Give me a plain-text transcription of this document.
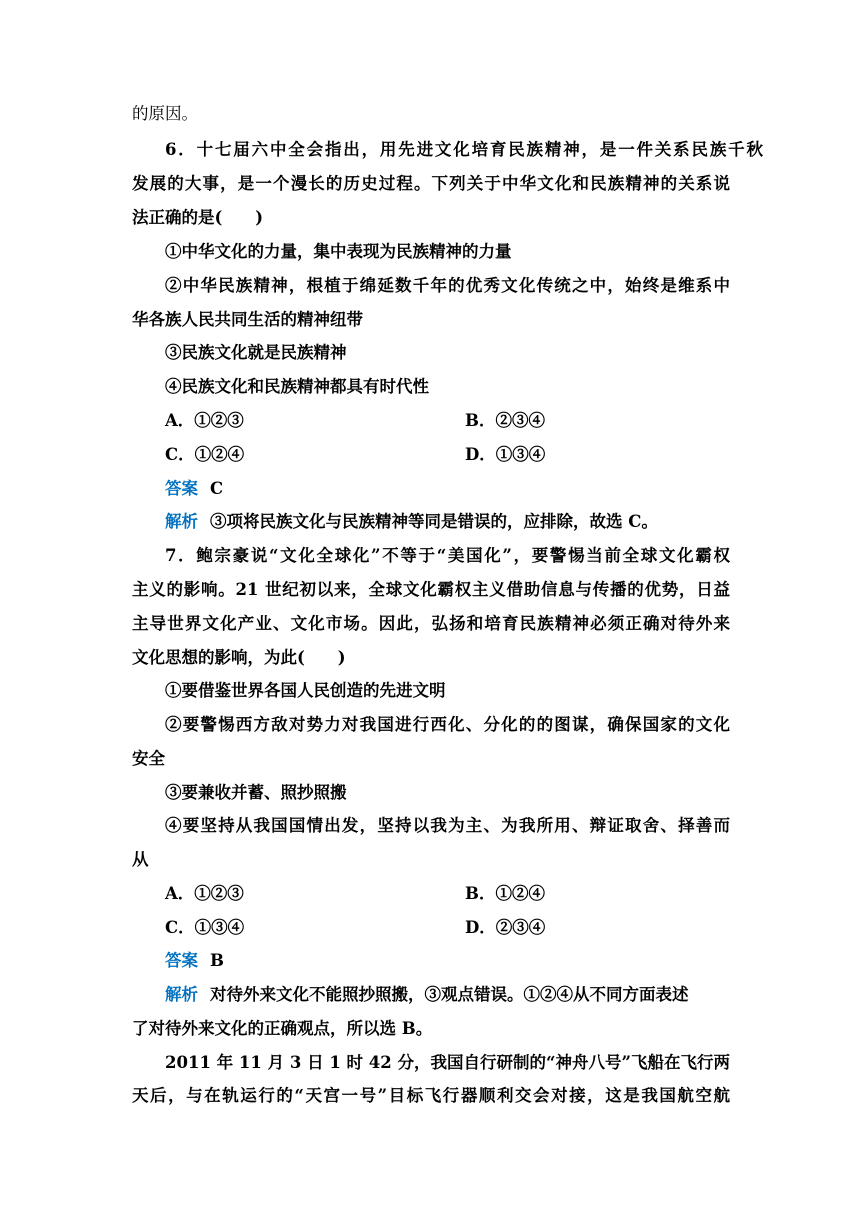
的原因。
6．十七届六中全会指出，用先进文化培育民族精神，是一件关系民族千秋
发展的大事，是一个漫长的历史过程。下列关于中华文化和民族精神的关系说
法正确的是(　　)
①中华文化的力量，集中表现为民族精神的力量
②中华民族精神，根植于绵延数千年的优秀文化传统之中，始终是维系中
华各族人民共同生活的精神纽带
③民族文化就是民族精神
④民族文化和民族精神都具有时代性
A．①②③	B．②③④
C．①②④	D．①③④
答案 C
解析 ③项将民族文化与民族精神等同是错误的，应排除，故选 C。
7．鲍宗豪说“文化全球化”不等于“美国化”，要警惕当前全球文化霸权
主义的影响。21 世纪初以来，全球文化霸权主义借助信息与传播的优势，日益
主导世界文化产业、文化市场。因此，弘扬和培育民族精神必须正确对待外来
文化思想的影响，为此(　　)
①要借鉴世界各国人民创造的先进文明
②要警惕西方敌对势力对我国进行西化、分化的的图谋，确保国家的文化
安全
③要兼收并蓄、照抄照搬
④要坚持从我国国情出发，坚持以我为主、为我所用、辩证取舍、择善而
从
A．①②③	B．①②④
C．①③④	D．②③④
答案 B
解析 对待外来文化不能照抄照搬，③观点错误。①②④从不同方面表述
了对待外来文化的正确观点，所以选 B。
2011 年 11 月 3 日 1 时 42 分，我国自行研制的“神舟八号”飞船在飞行两
天后，与在轨运行的“天宫一号”目标飞行器顺利交会对接，这是我国航空航
